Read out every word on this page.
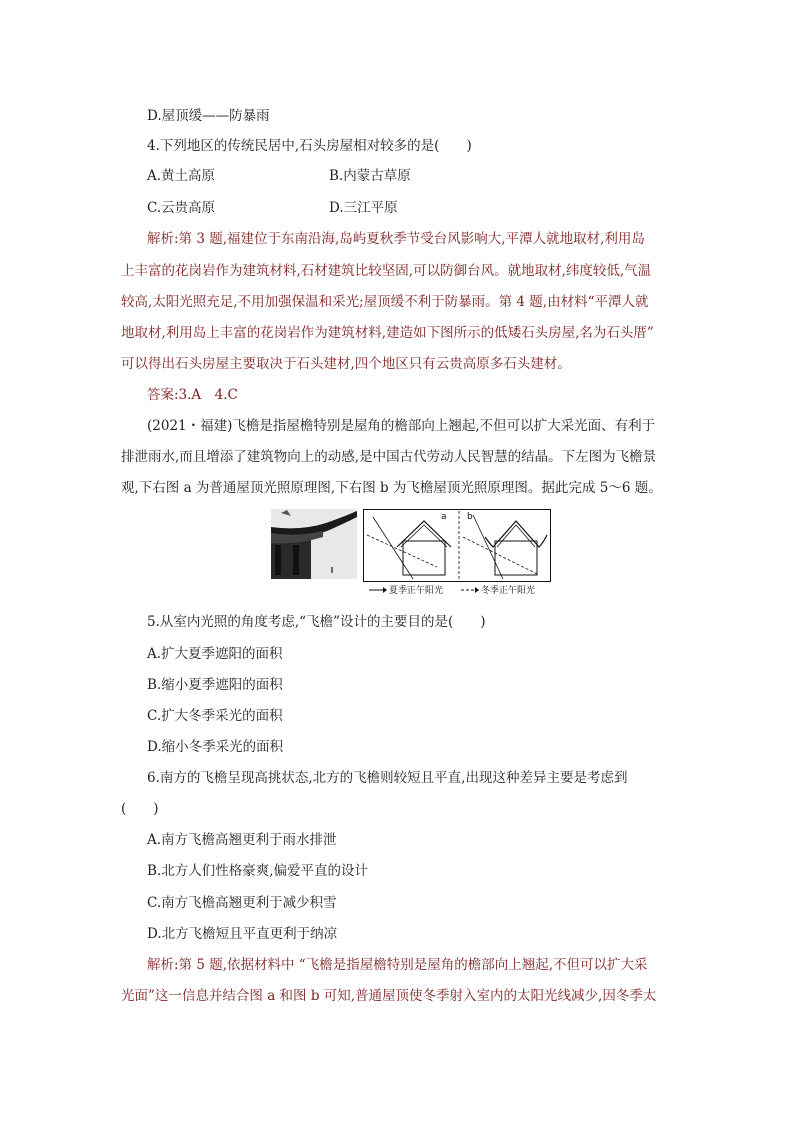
D.屋顶缓——防暴雨
4.下列地区的传统民居中,石头房屋相对较多的是(　　)
A.黄土高原	B.内蒙古草原
C.云贵高原	D.三江平原
解析:第 3 题,福建位于东南沿海,岛屿夏秋季节受台风影响大,平潭人就地取材,利用岛
上丰富的花岗岩作为建筑材料,石材建筑比较坚固,可以防御台风。就地取材,纬度较低,气温
较高,太阳光照充足,不用加强保温和采光;屋顶缓不利于防暴雨。第 4 题,由材料“平潭人就
地取材,利用岛上丰富的花岗岩作为建筑材料,建造如下图所示的低矮石头房屋,名为石头厝”
可以得出石头房屋主要取决于石头建材,四个地区只有云贵高原多石头建材。
答案:3.A　4.C
(2021・福建)飞檐是指屋檐特别是屋角的檐部向上翘起,不但可以扩大采光面、有利于
排泄雨水,而且增添了建筑物向上的动感,是中国古代劳动人民智慧的结晶。下左图为飞檐景
观,下右图 a 为普通屋顶光照原理图,下右图 b 为飞檐屋顶光照原理图。据此完成 5～6 题。
a b
夏季正午阳光	冬季正午阳光
5.从室内光照的角度考虑,“飞檐”设计的主要目的是(　　)
A.扩大夏季遮阳的面积
B.缩小夏季遮阳的面积
C.扩大冬季采光的面积
D.缩小冬季采光的面积
6.南方的飞檐呈现高挑状态,北方的飞檐则较短且平直,出现这种差异主要是考虑到
(　　)
A.南方飞檐高翘更利于雨水排泄
B.北方人们性格豪爽,偏爱平直的设计
C.南方飞檐高翘更利于减少积雪
D.北方飞檐短且平直更利于纳凉
解析:第 5 题,依据材料中 “飞檐是指屋檐特别是屋角的檐部向上翘起,不但可以扩大采
光面”这一信息并结合图 a 和图 b 可知,普通屋顶使冬季射入室内的太阳光线减少,因冬季太
